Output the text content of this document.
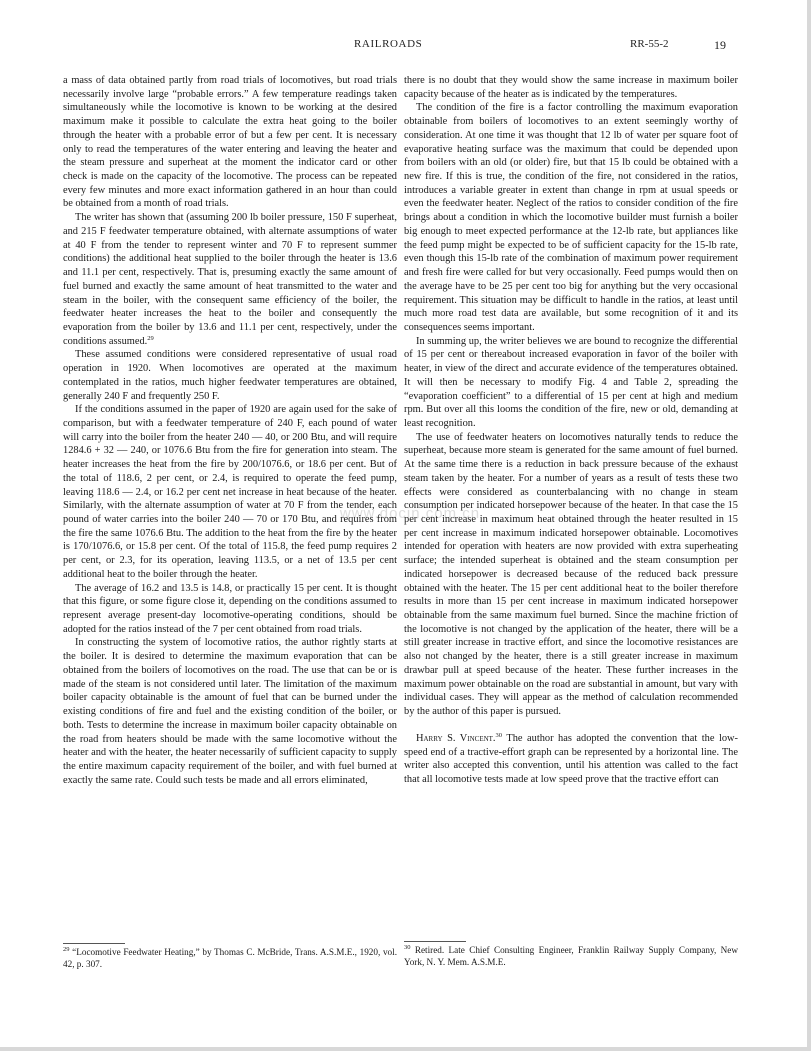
RAILROADS	RR-55-2	19
www.docin.com.cn

a mass of data obtained partly from road trials of locomotives, but road trials necessarily involve large “probable errors.” A few temperature readings taken simultaneously while the locomotive is known to be working at the desired maximum make it possible to calculate the extra heat going to the boiler through the heater with a probable error of but a few per cent. It is necessary only to read the temperatures of the water entering and leaving the heater and the steam pressure and superheat at the moment the indicator card or other check is made on the capacity of the locomotive. The process can be repeated every few minutes and more exact information gathered in an hour than could be obtained from a month of road trials.

The writer has shown that (assuming 200 lb boiler pressure, 150 F superheat, and 215 F feedwater temperature obtained, with alternate assumptions of water at 40 F from the tender to represent winter and 70 F to represent summer conditions) the additional heat supplied to the boiler through the heater is 13.6 and 11.1 per cent, respectively. That is, presuming exactly the same amount of fuel burned and exactly the same amount of heat transmitted to the water and steam in the boiler, with the consequent same efficiency of the boiler, the feedwater heater increases the heat to the boiler and consequently the evaporation from the boiler by 13.6 and 11.1 per cent, respectively, under the conditions assumed.$^{29}$

These assumed conditions were considered representative of usual road operation in 1920. When locomotives are operated at the maximum contemplated in the ratios, much higher feedwater temperatures are obtained, generally 240 F and frequently 250 F.

If the conditions assumed in the paper of 1920 are again used for the sake of comparison, but with a feedwater temperature of 240 F, each pound of water will carry into the boiler from the heater 240 — 40, or 200 Btu, and will require 1284.6 + 32 — 240, or 1076.6 Btu from the fire for generation into steam. The heater increases the heat from the fire by 200/1076.6, or 18.6 per cent. But of the total of 118.6, 2 per cent, or 2.4, is required to operate the feed pump, leaving 118.6 — 2.4, or 16.2 per cent net increase in heat because of the heater. Similarly, with the alternate assumption of water at 70 F from the tender, each pound of water carries into the boiler 240 — 70 or 170 Btu, and requires from the fire the same 1076.6 Btu. The addition to the heat from the fire by the heater is 170/1076.6, or 15.8 per cent. Of the total of 115.8, the feed pump requires 2 per cent, or 2.3, for its operation, leaving 113.5, or a net of 13.5 per cent additional heat to the boiler through the heater.

The average of 16.2 and 13.5 is 14.8, or practically 15 per cent. It is thought that this figure, or some figure close it, depending on the conditions assumed to represent average present-day locomotive-operating conditions, should be adopted for the ratios instead of the 7 per cent obtained from road trials.

In constructing the system of locomotive ratios, the author rightly starts at the boiler. It is desired to determine the maximum evaporation that can be obtained from the boilers of locomotives on the road. The use that can be or is made of the steam is not considered until later. The limitation of the maximum boiler capacity obtainable is the amount of fuel that can be burned under the existing conditions of fire and fuel and the existing condition of the boiler, or both. Tests to determine the increase in maximum boiler capacity obtainable on the road from heaters should be made with the same locomotive without the heater and with the heater, the heater necessarily of sufficient capacity to supply the entire maximum capacity requirement of the boiler, and with fuel burned at exactly the same rate. Could such tests be made and all errors eliminated,

$^{29}$ “Locomotive Feedwater Heating,” by Thomas C. McBride, Trans. A.S.M.E., 1920, vol. 42, p. 307.

there is no doubt that they would show the same increase in maximum boiler capacity because of the heater as is indicated by the temperatures.

The condition of the fire is a factor controlling the maximum evaporation obtainable from boilers of locomotives to an extent seemingly worthy of consideration. At one time it was thought that 12 lb of water per square foot of evaporative heating surface was the maximum that could be depended upon from boilers with an old (or older) fire, but that 15 lb could be obtained with a new fire. If this is true, the condition of the fire, not considered in the ratios, introduces a variable greater in extent than change in rpm at usual speeds or even the feedwater heater. Neglect of the ratios to consider condition of the fire brings about a condition in which the locomotive builder must furnish a boiler big enough to meet expected performance at the 12-lb rate, but appliances like the feed pump might be expected to be of sufficient capacity for the 15-lb rate, even though this 15-lb rate of the combination of maximum power requirement and fresh fire were called for but very occasionally. Feed pumps would then on the average have to be 25 per cent too big for anything but the very occasional requirement. This situation may be difficult to handle in the ratios, at least until much more road test data are available, but some recognition of it and its consequences seems important.

In summing up, the writer believes we are bound to recognize the differential of 15 per cent or thereabout increased evaporation in favor of the boiler with heater, in view of the direct and accurate evidence of the temperatures obtained. It will then be necessary to modify Fig. 4 and Table 2, spreading the “evaporation coefficient” to a differential of 15 per cent at high and medium rpm. But over all this looms the condition of the fire, new or old, demanding at least recognition.

The use of feedwater heaters on locomotives naturally tends to reduce the superheat, because more steam is generated for the same amount of fuel burned. At the same time there is a reduction in back pressure because of the exhaust steam taken by the heater. For a number of years as a result of tests these two effects were considered as counterbalancing with no change in steam consumption per indicated horsepower because of the heater. In that case the 15 per cent increase in maximum heat obtained through the heater resulted in 15 per cent increase in maximum indicated horsepower obtainable. Locomotives intended for operation with heaters are now provided with extra superheating surface; the intended superheat is obtained and the steam consumption per indicated horsepower is decreased because of the reduced back pressure obtained with the heater. The 15 per cent additional heat to the boiler therefore results in more than 15 per cent increase in maximum indicated horsepower obtainable from the same maximum fuel burned. Since the machine friction of the locomotive is not changed by the application of the heater, there will be a still greater increase in tractive effort, and since the locomotive resistances are also not changed by the heater, there is a still greater increase in maximum drawbar pull at speed because of the heater. These further increases in the maximum power obtainable on the road are substantial in amount, but vary with individual cases. They will appear as the method of calculation recommended by the author of this paper is pursued.

Harry S. Vincent.$^{30}$ The author has adopted the convention that the low-speed end of a tractive-effort graph can be represented by a horizontal line. The writer also accepted this convention, until his attention was called to the fact that all locomotive tests made at low speed prove that the tractive effort can

$^{30}$ Retired. Late Chief Consulting Engineer, Franklin Railway Supply Company, New York, N. Y. Mem. A.S.M.E.
